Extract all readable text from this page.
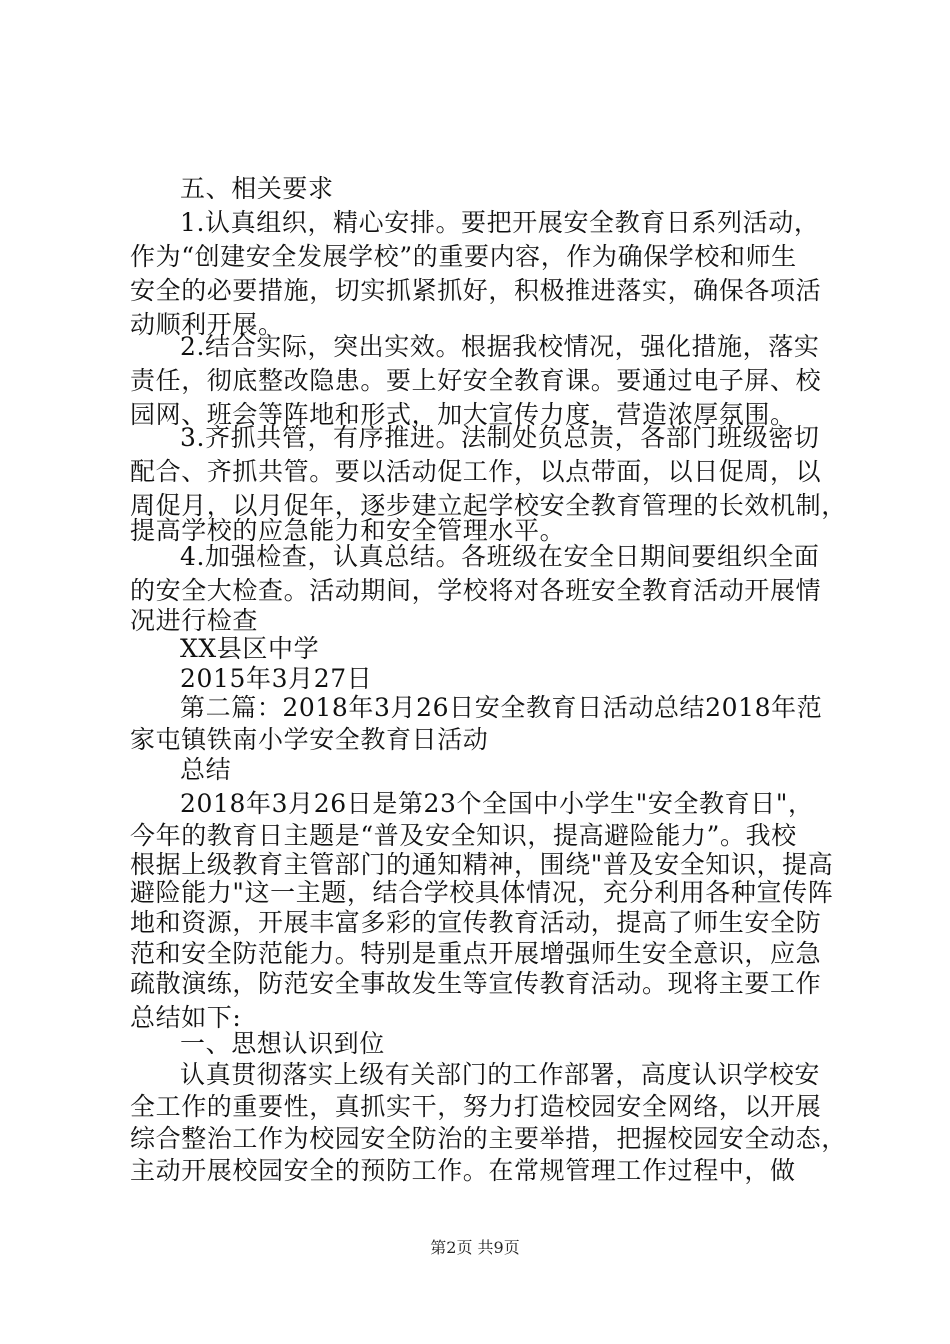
五、相关要求
1.认真组织，精心安排。要把开展安全教育日系列活动，
作为“创建安全发展学校”的重要内容，作为确保学校和师生
安全的必要措施，切实抓紧抓好，积极推进落实，确保各项活
动顺利开展。
2.结合实际，突出实效。根据我校情况，强化措施，落实
责任，彻底整改隐患。要上好安全教育课。要通过电子屏、校
园网、班会等阵地和形式，加大宣传力度，营造浓厚氛围。
3.齐抓共管，有序推进。法制处负总责，各部门班级密切
配合、齐抓共管。要以活动促工作，以点带面，以日促周，以
周促月，以月促年，逐步建立起学校安全教育管理的长效机制，
提高学校的应急能力和安全管理水平。
4.加强检查，认真总结。各班级在安全日期间要组织全面
的安全大检查。活动期间，学校将对各班安全教育活动开展情
况进行检查
XX县区中学
2015年3月27日
第二篇：2018年3月26日安全教育日活动总结2018年范
家屯镇铁南小学安全教育日活动
总结
2018年3月26日是第23个全国中小学生"安全教育日"，
今年的教育日主题是“普及安全知识，提高避险能力”。我校
根据上级教育主管部门的通知精神，围绕"普及安全知识，提高
避险能力"这一主题，结合学校具体情况，充分利用各种宣传阵
地和资源，开展丰富多彩的宣传教育活动，提高了师生安全防
范和安全防范能力。特别是重点开展增强师生安全意识，应急
疏散演练，防范安全事故发生等宣传教育活动。现将主要工作
总结如下:
一、思想认识到位
认真贯彻落实上级有关部门的工作部署，高度认识学校安
全工作的重要性，真抓实干，努力打造校园安全网络，以开展
综合整治工作为校园安全防治的主要举措，把握校园安全动态，
主动开展校园安全的预防工作。在常规管理工作过程中，做
第2页 共9页
